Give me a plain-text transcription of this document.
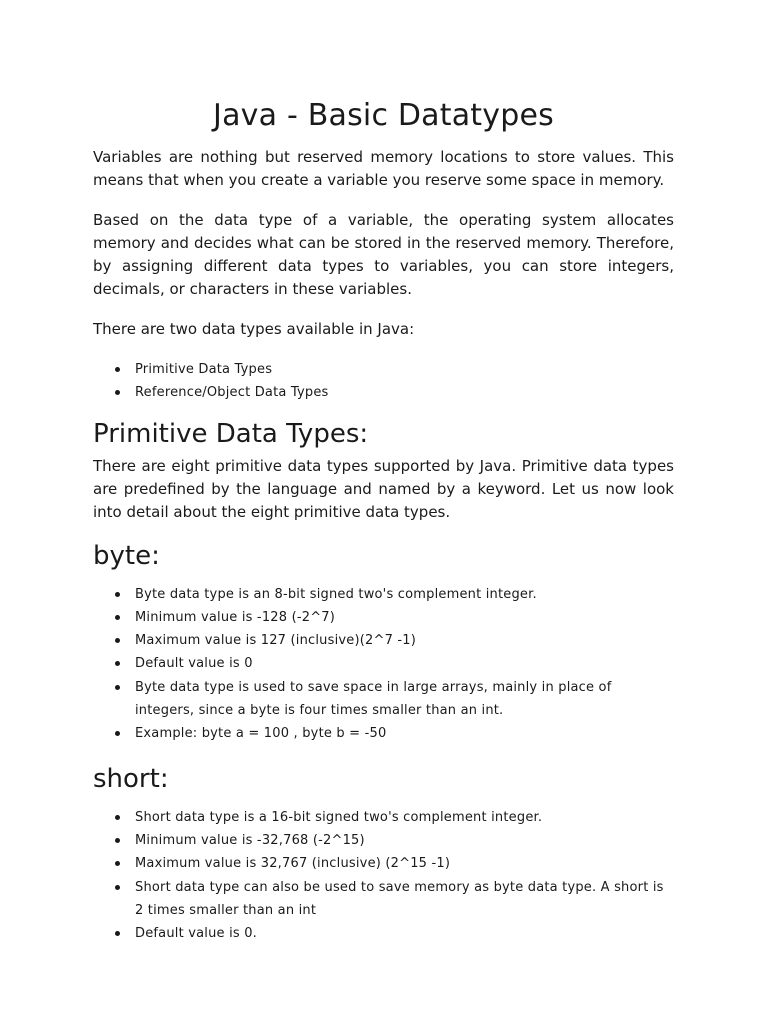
Java - Basic Datatypes

Variables are nothing but reserved memory locations to store values. This means that when you create a variable you reserve some space in memory.

Based on the data type of a variable, the operating system allocates memory and decides what can be stored in the reserved memory. Therefore, by assigning different data types to variables, you can store integers, decimals, or characters in these variables.

There are two data types available in Java:

Primitive Data Types
Reference/Object Data Types
Primitive Data Types:

There are eight primitive data types supported by Java. Primitive data types are predefined by the language and named by a keyword. Let us now look into detail about the eight primitive data types.

byte:
Byte data type is an 8-bit signed two's complement integer.
Minimum value is -128 (-2^7)
Maximum value is 127 (inclusive)(2^7 -1)
Default value is 0
Byte data type is used to save space in large arrays, mainly in place of integers, since a byte is four times smaller than an int.
Example: byte a = 100 , byte b = -50
short:
Short data type is a 16-bit signed two's complement integer.
Minimum value is -32,768 (-2^15)
Maximum value is 32,767 (inclusive) (2^15 -1)
Short data type can also be used to save memory as byte data type. A short is 2 times smaller than an int
Default value is 0.
